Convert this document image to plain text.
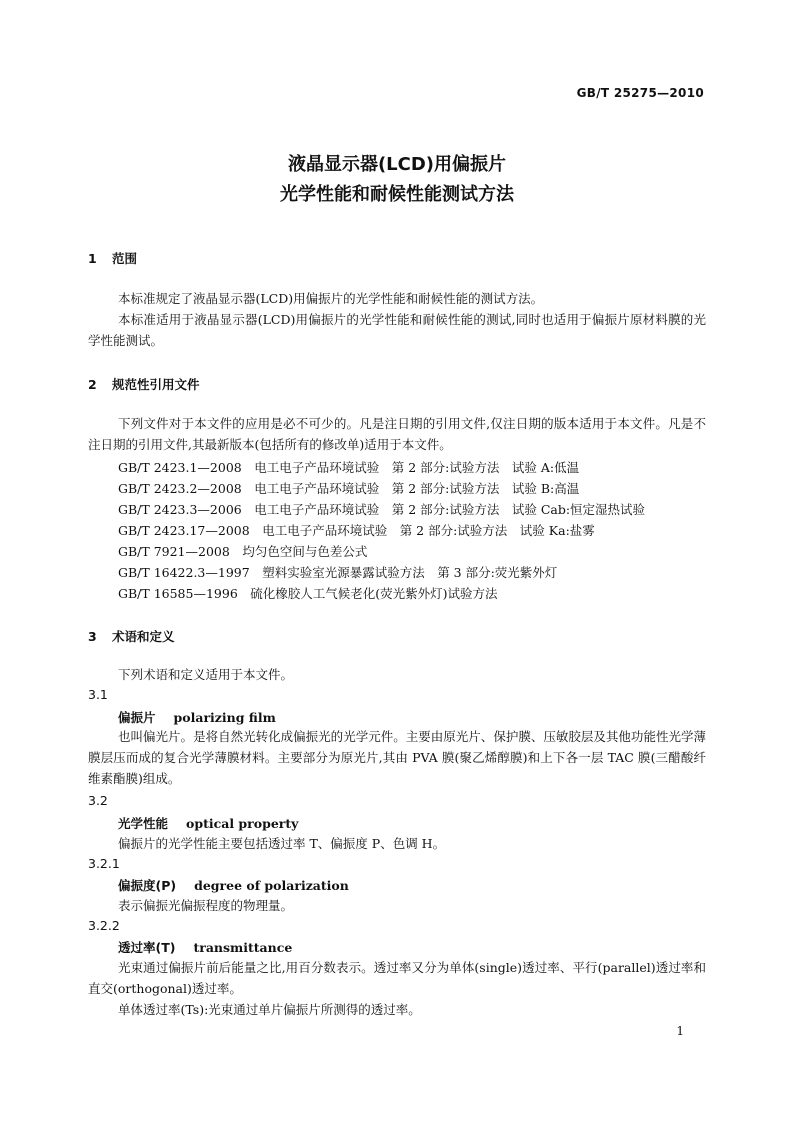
GB/T 25275—2010
液晶显示器(LCD)用偏振片
光学性能和耐候性能测试方法
1 范围
本标准规定了液晶显示器(LCD)用偏振片的光学性能和耐候性能的测试方法。
本标准适用于液晶显示器(LCD)用偏振片的光学性能和耐候性能的测试,同时也适用于偏振片原材料膜的光学性能测试。
2 规范性引用文件
下列文件对于本文件的应用是必不可少的。凡是注日期的引用文件,仅注日期的版本适用于本文件。凡是不注日期的引用文件,其最新版本(包括所有的修改单)适用于本文件。
GB/T 2423.1—2008　电工电子产品环境试验　第 2 部分:试验方法　试验 A:低温
GB/T 2423.2—2008　电工电子产品环境试验　第 2 部分:试验方法　试验 B:高温
GB/T 2423.3—2006　电工电子产品环境试验　第 2 部分:试验方法　试验 Cab:恒定湿热试验
GB/T 2423.17—2008　电工电子产品环境试验　第 2 部分:试验方法　试验 Ka:盐雾
GB/T 7921—2008　均匀色空间与色差公式
GB/T 16422.3—1997　塑料实验室光源暴露试验方法　第 3 部分:荧光紫外灯
GB/T 16585—1996　硫化橡胶人工气候老化(荧光紫外灯)试验方法
3 术语和定义
下列术语和定义适用于本文件。
3.1
偏振片 polarizing film
也叫偏光片。是将自然光转化成偏振光的光学元件。主要由原光片、保护膜、压敏胶层及其他功能性光学薄膜层压而成的复合光学薄膜材料。主要部分为原光片,其由 PVA 膜(聚乙烯醇膜)和上下各一层 TAC 膜(三醋酸纤维素酯膜)组成。
3.2
光学性能 optical property
偏振片的光学性能主要包括透过率 T、偏振度 P、色调 H。
3.2.1
偏振度(P) degree of polarization
表示偏振光偏振程度的物理量。
3.2.2
透过率(T) transmittance
光束通过偏振片前后能量之比,用百分数表示。透过率又分为单体(single)透过率、平行(parallel)透过率和直交(orthogonal)透过率。
单体透过率(Ts):光束通过单片偏振片所测得的透过率。
1
